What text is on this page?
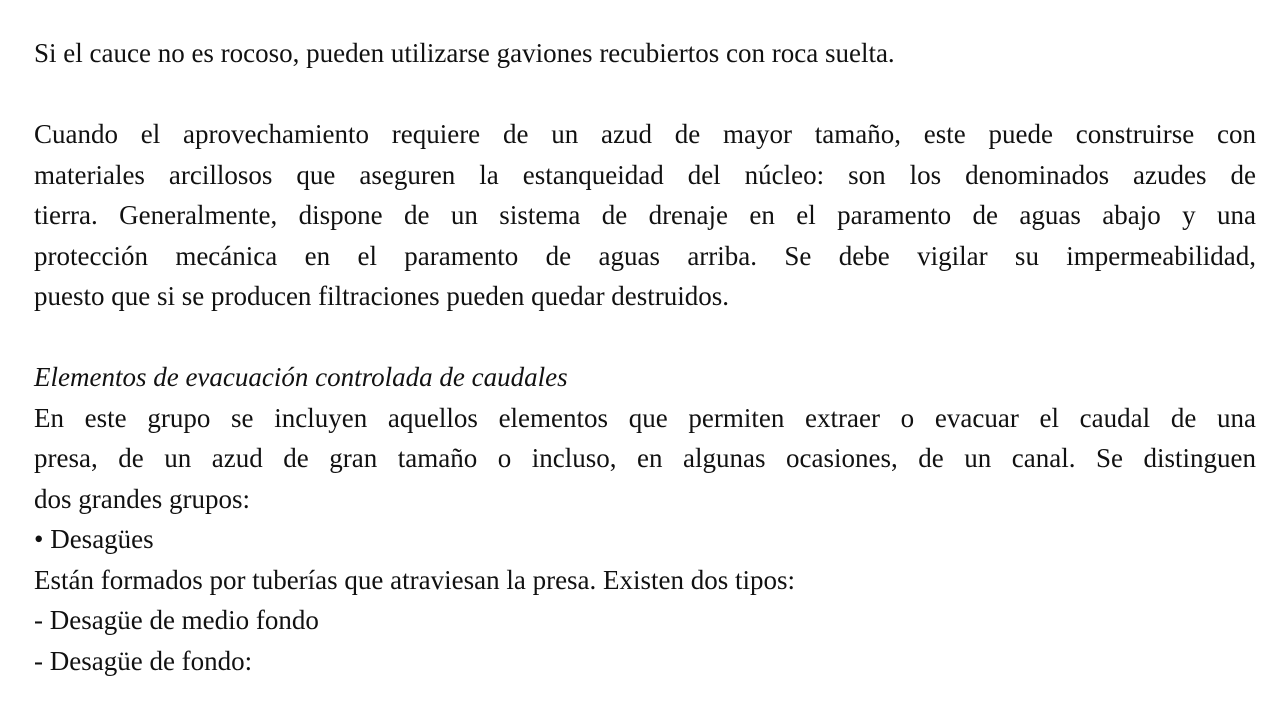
Si el cauce no es rocoso, pueden utilizarse gaviones recubiertos con roca suelta.
Cuando el aprovechamiento requiere de un azud de mayor tamaño, este puede construirse con
materiales arcillosos que aseguren la estanqueidad del núcleo: son los denominados azudes de
tierra. Generalmente, dispone de un sistema de drenaje en el paramento de aguas abajo y una
protección mecánica en el paramento de aguas arriba. Se debe vigilar su impermeabilidad,
puesto que si se producen filtraciones pueden quedar destruidos.
Elementos de evacuación controlada de caudales
En este grupo se incluyen aquellos elementos que permiten extraer o evacuar el caudal de una
presa, de un azud de gran tamaño o incluso, en algunas ocasiones, de un canal. Se distinguen
dos grandes grupos:
• Desagües
Están formados por tuberías que atraviesan la presa. Existen dos tipos:
- Desagüe de medio fondo
- Desagüe de fondo:
